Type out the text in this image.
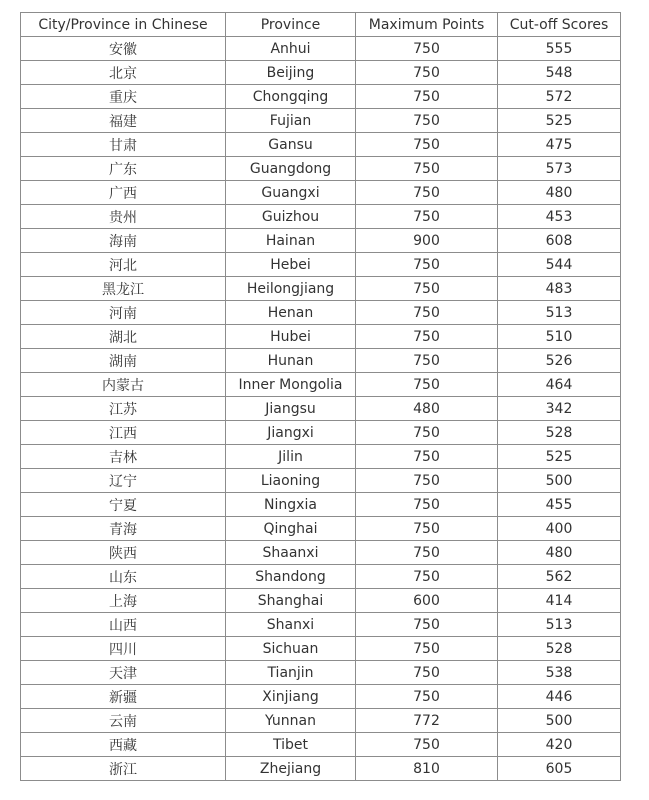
City/Province in Chinese	Province	Maximum Points	Cut-off Scores
安徽	Anhui	750	555
北京	Beijing	750	548
重庆	Chongqing	750	572
福建	Fujian	750	525
甘肃	Gansu	750	475
广东	Guangdong	750	573
广西	Guangxi	750	480
贵州	Guizhou	750	453
海南	Hainan	900	608
河北	Hebei	750	544
黑龙江	Heilongjiang	750	483
河南	Henan	750	513
湖北	Hubei	750	510
湖南	Hunan	750	526
内蒙古	Inner Mongolia	750	464
江苏	Jiangsu	480	342
江西	Jiangxi	750	528
吉林	Jilin	750	525
辽宁	Liaoning	750	500
宁夏	Ningxia	750	455
青海	Qinghai	750	400
陕西	Shaanxi	750	480
山东	Shandong	750	562
上海	Shanghai	600	414
山西	Shanxi	750	513
四川	Sichuan	750	528
天津	Tianjin	750	538
新疆	Xinjiang	750	446
云南	Yunnan	772	500
西藏	Tibet	750	420
浙江	Zhejiang	810	605
